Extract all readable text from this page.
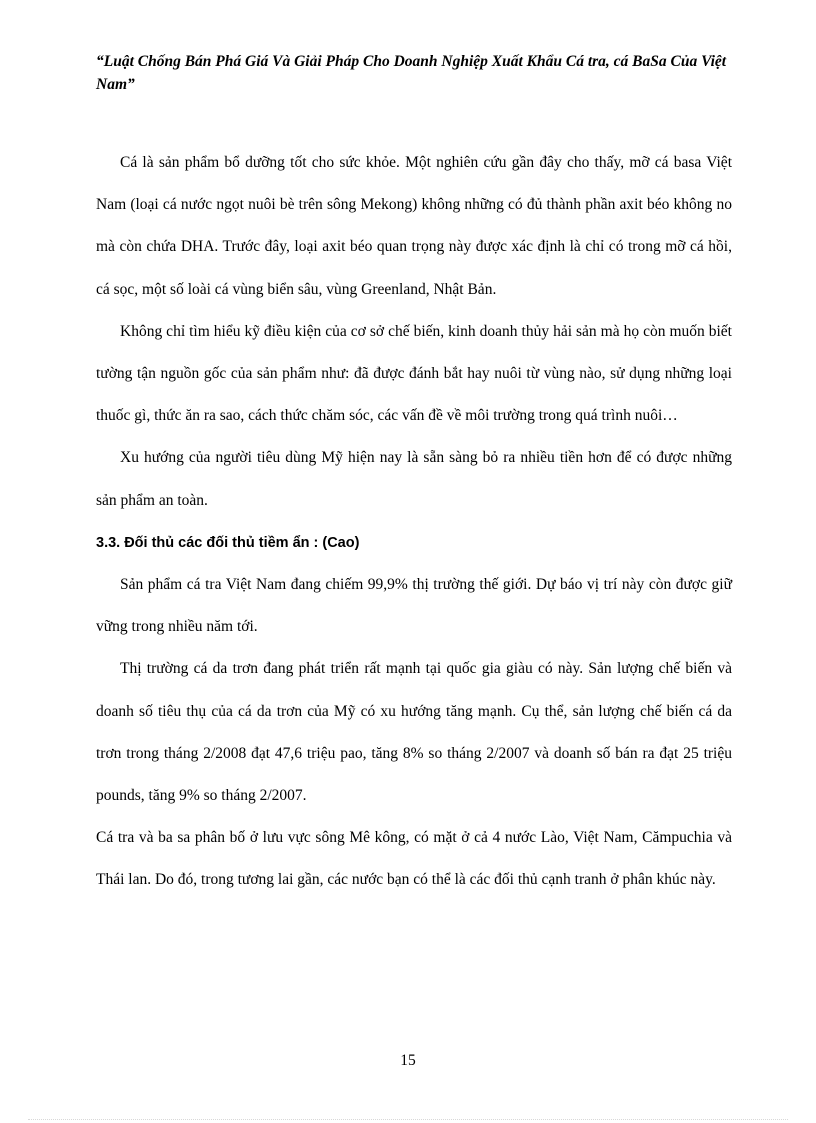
“Luật Chống Bán Phá Giá Và Giải Pháp Cho Doanh Nghiệp Xuất Khẩu Cá tra, cá BaSa Của Việt Nam”

Cá là sản phẩm bổ dưỡng tốt cho sức khỏe. Một nghiên cứu gần đây cho thấy, mỡ cá basa Việt Nam (loại cá nước ngọt nuôi bè trên sông Mekong) không những có đủ thành phần axit béo không no mà còn chứa DHA. Trước đây, loại axit béo quan trọng này được xác định là chỉ có trong mỡ cá hồi, cá sọc, một số loài cá vùng biển sâu, vùng Greenland, Nhật Bản.

Không chỉ tìm hiểu kỹ điều kiện của cơ sở chế biến, kinh doanh thủy hải sản mà họ còn muốn biết tường tận nguồn gốc của sản phẩm như: đã được đánh bắt hay nuôi từ vùng nào, sử dụng những loại thuốc gì, thức ăn ra sao, cách thức chăm sóc, các vấn đề về môi trường trong quá trình nuôi…

Xu hướng của người tiêu dùng Mỹ hiện nay là sẵn sàng bỏ ra nhiều tiền hơn để có được những sản phẩm an toàn.

3.3. Đối thủ các đối thủ tiềm ẩn : (Cao)

Sản phẩm cá tra Việt Nam đang chiếm 99,9% thị trường thế giới. Dự báo vị trí này còn được giữ vững trong nhiều năm tới.

Thị trường cá da trơn đang phát triển rất mạnh tại quốc gia giàu có này. Sản lượng chế biến và doanh số tiêu thụ của cá da trơn của Mỹ có xu hướng tăng mạnh. Cụ thể, sản lượng chế biến cá da trơn trong tháng 2/2008 đạt 47,6 triệu pao, tăng 8% so tháng 2/2007 và doanh số bán ra đạt 25 triệu pounds, tăng 9% so tháng 2/2007.

Cá tra và ba sa phân bố ở lưu vực sông Mê kông, có mặt ở cả 4 nước Lào, Việt Nam, Cămpuchia và Thái lan. Do đó, trong tương lai gần, các nước bạn có thể là các đối thủ cạnh tranh ở phân khúc này.

15
